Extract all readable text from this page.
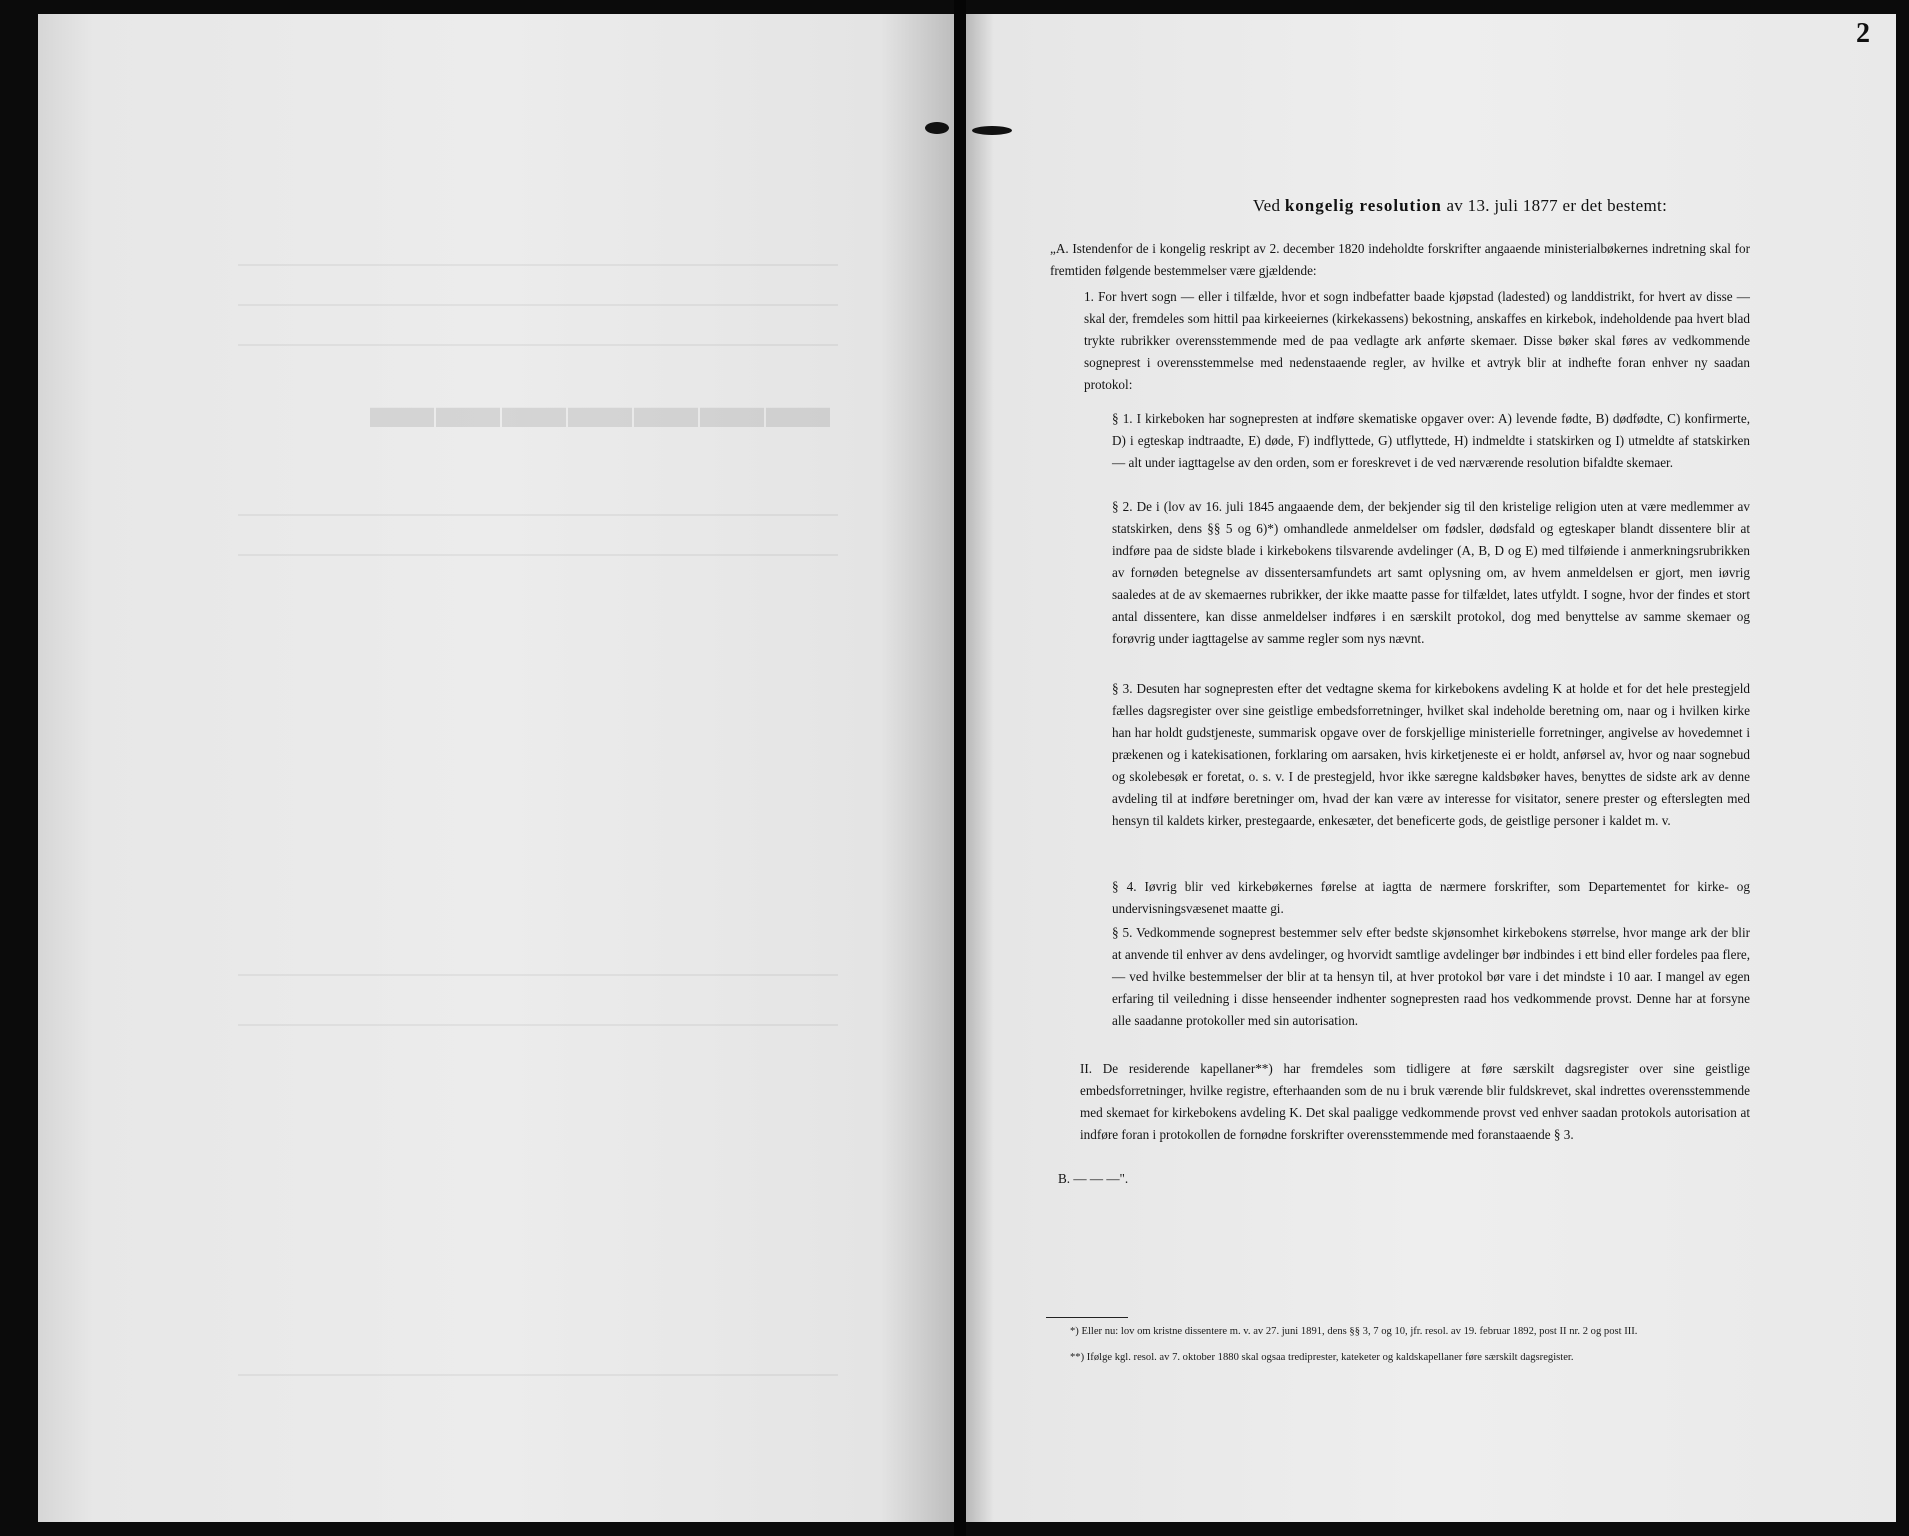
▬▬▬▬▬▬▬
2
Ved kongelig resolution av 13. juli 1877 er det bestemt:

„A. Istendenfor de i kongelig reskript av 2. december 1820 indeholdte forskrifter angaaende ministerialbøkernes indretning skal for fremtiden følgende bestemmelser være gjældende:

1. For hvert sogn — eller i tilfælde, hvor et sogn indbefatter baade kjøpstad (ladested) og landdistrikt, for hvert av disse — skal der, fremdeles som hittil paa kirkeeiernes (kirkekassens) bekostning, anskaffes en kirkebok, indeholdende paa hvert blad trykte rubrikker overensstemmende med de paa vedlagte ark anførte skemaer. Disse bøker skal føres av vedkommende sogneprest i overensstemmelse med nedenstaaende regler, av hvilke et avtryk blir at indhefte foran enhver ny saadan protokol:

§ 1. I kirkeboken har sognepresten at indføre skematiske opgaver over: A) levende fødte, B) dødfødte, C) konfirmerte, D) i egteskap indtraadte, E) døde, F) indflyttede, G) utflyttede, H) indmeldte i statskirken og I) utmeldte af statskirken — alt under iagttagelse av den orden, som er foreskrevet i de ved nærværende resolution bifaldte skemaer.

§ 2. De i (lov av 16. juli 1845 angaaende dem, der bekjender sig til den kristelige religion uten at være medlemmer av statskirken, dens §§ 5 og 6)*) omhandlede anmeldelser om fødsler, dødsfald og egteskaper blandt dissentere blir at indføre paa de sidste blade i kirkebokens tilsvarende avdelinger (A, B, D og E) med tilføiende i anmerkningsrubrikken av fornøden betegnelse av dissentersamfundets art samt oplysning om, av hvem anmeldelsen er gjort, men iøvrig saaledes at de av skemaernes rubrikker, der ikke maatte passe for tilfældet, lates utfyldt. I sogne, hvor der findes et stort antal dissentere, kan disse anmeldelser indføres i en særskilt protokol, dog med benyttelse av samme skemaer og forøvrig under iagttagelse av samme regler som nys nævnt.

§ 3. Desuten har sognepresten efter det vedtagne skema for kirkebokens avdeling K at holde et for det hele prestegjeld fælles dagsregister over sine geistlige embedsforretninger, hvilket skal indeholde beretning om, naar og i hvilken kirke han har holdt gudstjeneste, summarisk opgave over de forskjellige ministerielle forretninger, angivelse av hovedemnet i prækenen og i katekisationen, forklaring om aarsaken, hvis kirketjeneste ei er holdt, anførsel av, hvor og naar sognebud og skolebesøk er foretat, o. s. v. I de prestegjeld, hvor ikke særegne kaldsbøker haves, benyttes de sidste ark av denne avdeling til at indføre beretninger om, hvad der kan være av interesse for visitator, senere prester og efterslegten med hensyn til kaldets kirker, prestegaarde, enkesæter, det beneficerte gods, de geistlige personer i kaldet m. v.

§ 4. Iøvrig blir ved kirkebøkernes førelse at iagtta de nærmere forskrifter, som Departementet for kirke- og undervisningsvæsenet maatte gi.

§ 5. Vedkommende sogneprest bestemmer selv efter bedste skjønsomhet kirkebokens størrelse, hvor mange ark der blir at anvende til enhver av dens avdelinger, og hvorvidt samtlige avdelinger bør indbindes i ett bind eller fordeles paa flere, — ved hvilke bestemmelser der blir at ta hensyn til, at hver protokol bør vare i det mindste i 10 aar. I mangel av egen erfaring til veiledning i disse henseender indhenter sognepresten raad hos vedkommende provst. Denne har at forsyne alle saadanne protokoller med sin autorisation.

II. De residerende kapellaner**) har fremdeles som tidligere at føre særskilt dagsregister over sine geistlige embedsforretninger, hvilke registre, efterhaanden som de nu i bruk værende blir fuldskrevet, skal indrettes overensstemmende med skemaet for kirkebokens avdeling K. Det skal paaligge vedkommende provst ved enhver saadan protokols autorisation at indføre foran i protokollen de fornødne forskrifter overensstemmende med foranstaaende § 3.

B. — — —".

*) Eller nu: lov om kristne dissentere m. v. av 27. juni 1891, dens §§ 3, 7 og 10, jfr. resol. av 19. februar 1892, post II nr. 2 og post III.
**) Ifølge kgl. resol. av 7. oktober 1880 skal ogsaa trediprester, kateketer og kaldskapellaner føre særskilt dagsregister.
